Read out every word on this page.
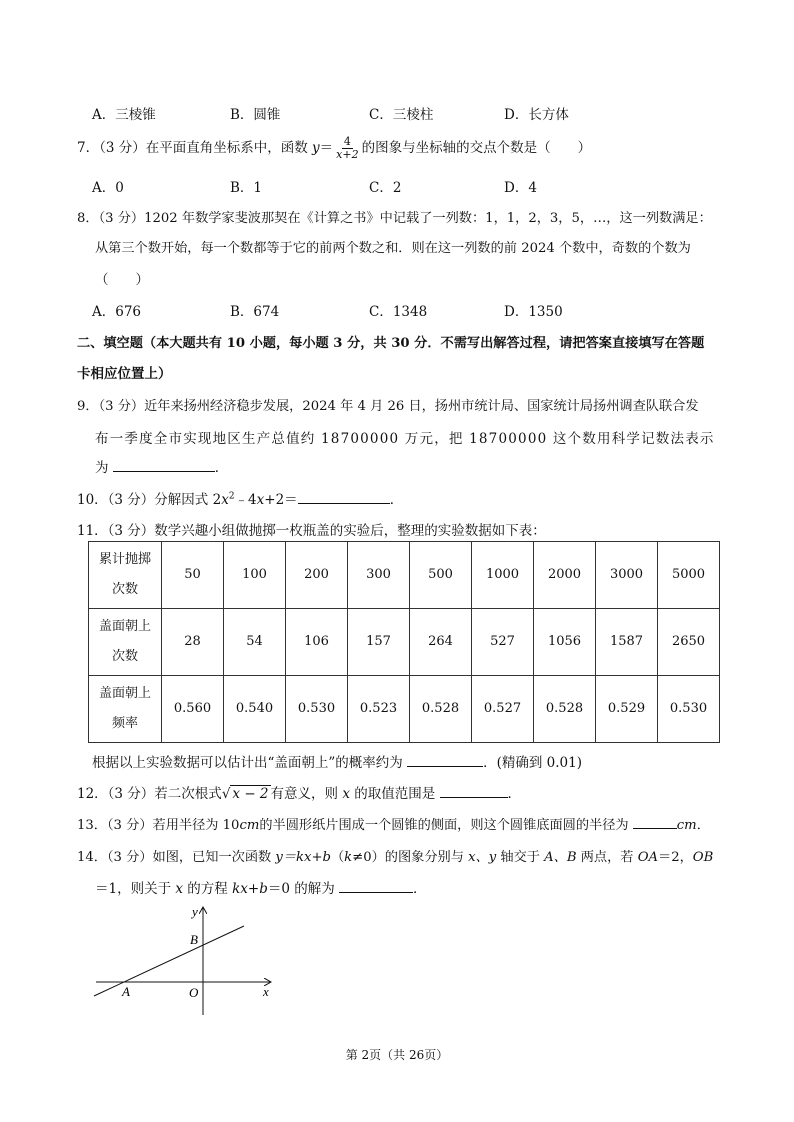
A．三棱锥	B．圆锥	C．三棱柱	D．长方体
7．（3 分）在平面直角坐标系中，函数 $y= \frac{4}{x+2}$ 的图象与坐标轴的交点个数是（　　）
A．0	B．1	C．2	D．4
8．（3 分）1202 年数学家斐波那契在《计算之书》中记载了一列数：1，1，2，3，5，…，这一列数满足：
从第三个数开始，每一个数都等于它的前两个数之和．则在这一列数的前 2024 个数中，奇数的个数为
（　　）
A．676	B．674	C．1348	D．1350
二、填空题（本大题共有 10 小题，每小题 3 分，共 30 分．不需写出解答过程，请把答案直接填写在答题
卡相应位置上）
9．（3 分）近年来扬州经济稳步发展，2024 年 4 月 26 日，扬州市统计局、国家统计局扬州调查队联合发
布一季度全市实现地区生产总值约 18700000 万元，把 18700000 这个数用科学记数法表示
为	．
10．（3 分）分解因式 $2x^2﹣4x+2=$	．
11．（3 分）数学兴趣小组做抛掷一枚瓶盖的实验后，整理的实验数据如下表：
累计抛掷
次数	50	100	200	300	500	1000	2000	3000	5000

盖面朝上
次数	28	54	106	157	264	527	1056	1587	2650

盖面朝上
频率	0.560	0.540	0.530	0.523	0.528	0.527	0.528	0.529	0.530
根据以上实验数据可以估计出“盖面朝上”的概率约为	．(精确到 0.01)
12．（3 分）若二次根式√ x − 2 有意义，则 x 的取值范围是	．
13．（3 分）若用半径为 10cm的半圆形纸片围成一个圆锥的侧面，则这个圆锥底面圆的半径为	cm．
14．（3 分）如图，已知一次函数 y＝kx+b（k≠0）的图象分别与 x、y 轴交于 A、B 两点，若 OA＝2，OB
＝1，则关于 x 的方程 kx+b＝0 的解为	．
y
x
B
A	O
第 2页（共 26页）
